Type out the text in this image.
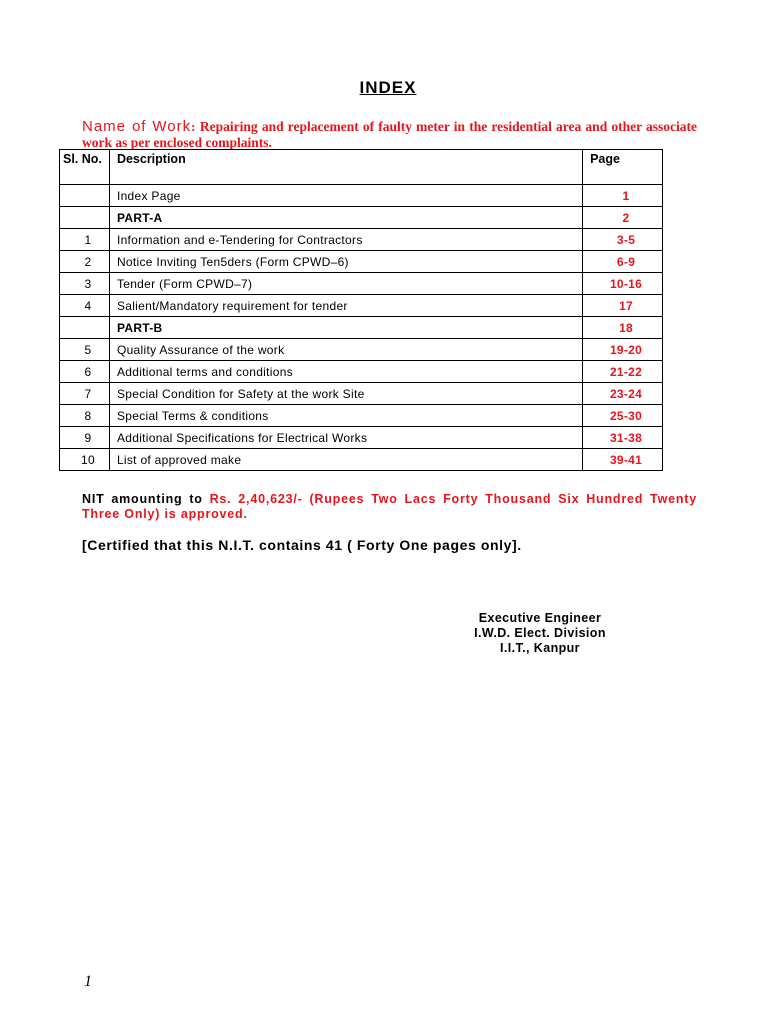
INDEX
Name of Work: Repairing and replacement of faulty meter in the residential area and other associate work as per enclosed complaints.
Sl. No.	Description	Page
	Index Page	1
	PART-A	2
1	Information and e-Tendering for Contractors	3-5
2	Notice Inviting Ten5ders (Form CPWD–6)	6-9
3	Tender (Form CPWD–7)	10-16
4	Salient/Mandatory requirement for tender	17
	PART-B	18
5	Quality Assurance of the work	19-20
6	Additional terms and conditions	21-22
7	Special Condition for Safety at the work Site	23-24
8	Special Terms & conditions	25-30
9	Additional Specifications for Electrical Works	31-38
10	List of approved make	39-41
NIT amounting to Rs. 2,40,623/- (Rupees Two Lacs Forty Thousand Six Hundred Twenty Three Only) is approved.
[Certified that this N.I.T. contains 41 ( Forty One pages only].
Executive Engineer
I.W.D. Elect. Division
I.I.T., Kanpur
1
